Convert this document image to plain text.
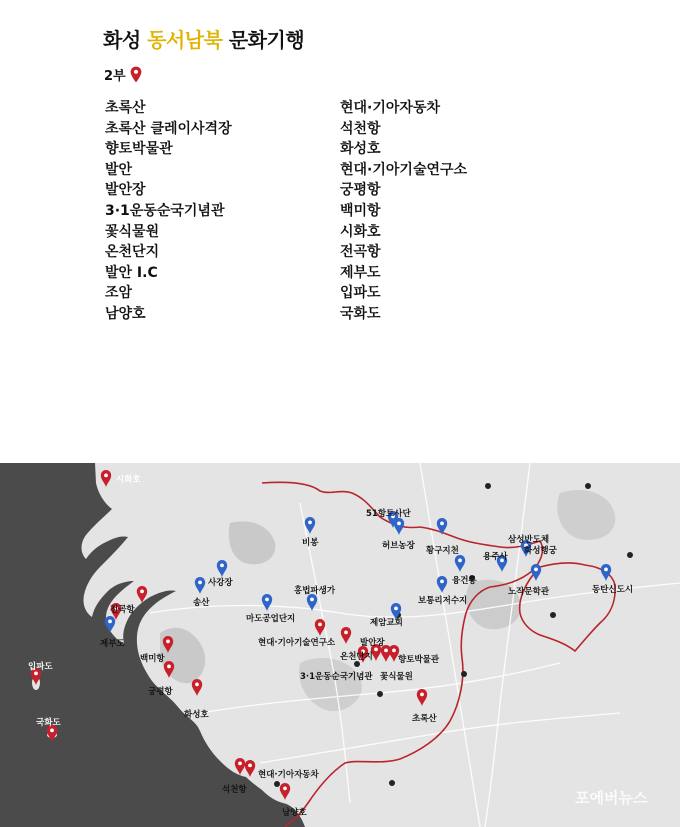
화성 동서남북 문화기행
2부
초록산
초록산 클레이사격장
향토박물관
발안
발안장
3·1운동순국기념관
꽃식물원
온천단지
발안 I.C
조암
남양호
현대·기아자동차
석천항
화성호
현대·기아기술연구소
궁평항
백미항
시화호
전곡항
제부도
입파도
국화도
시화호
전곡항
제부도
백미항
궁평항
화성호
입파도
국화도
현대·기아기술연구소	발안장
온천단지	향토박물관
3·1운동순국기념관 꽃식물원
초록산
현대·기아자동차
석천항
남양호
비봉
사강장
송산
마도공업단지
홍법파생가
제암교회
51항토사단
허브농장 황구지천
융건릉
보통리저수지
용주사
화성행궁
노작문학관
삼성반도체
동탄신도시
포에버뉴스
